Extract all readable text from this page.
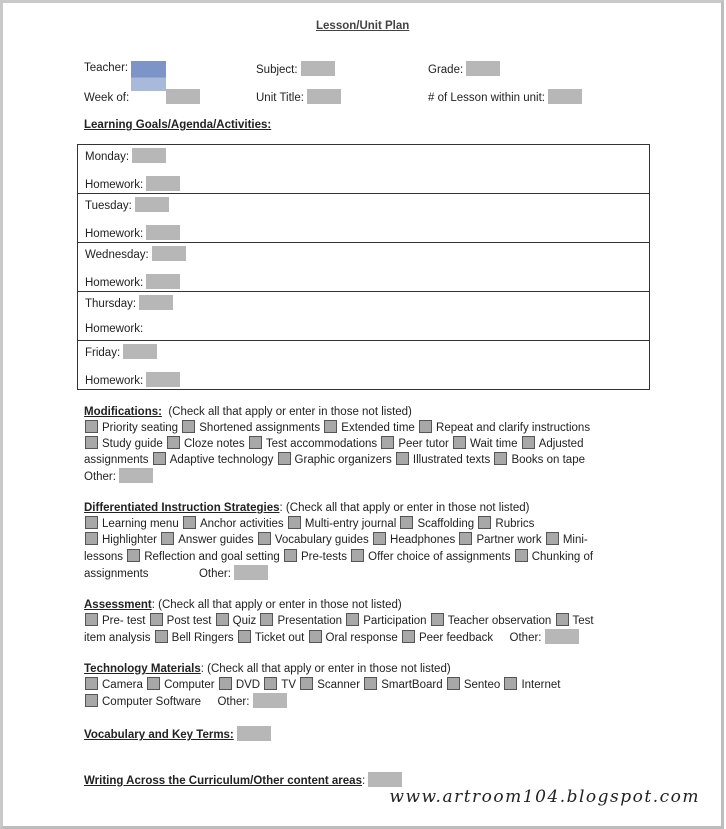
Lesson/Unit Plan
Teacher:	Subject:	Grade:
Week of:	Unit Title:	# of Lesson within unit:
Learning Goals/Agenda/Activities:
Monday:
Homework:
Tuesday:
Homework:
Wednesday:
Homework:
Thursday:
Homework:
Friday:
Homework:
Modifications: (Check all that apply or enter in those not listed)
Priority seating Shortened assignments Extended time Repeat and clarify instructions
Study guide Cloze notes Test accommodations Peer tutor Wait time Adjusted
assignments Adaptive technology Graphic organizers Illustrated texts Books on tape
Other:
Differentiated Instruction Strategies: (Check all that apply or enter in those not listed)
Learning menu Anchor activities Multi-entry journal Scaffolding Rubrics
Highlighter Answer guides Vocabulary guides Headphones Partner work Mini-
lessons Reflection and goal setting Pre-tests Offer choice of assignments Chunking of
assignments	Other:
Assessment: (Check all that apply or enter in those not listed)
Pre- test Post test Quiz Presentation Participation Teacher observation Test
item analysis Bell Ringers Ticket out Oral response Peer feedback Other:
Technology Materials: (Check all that apply or enter in those not listed)
Camera Computer DVD TV Scanner SmartBoard Senteo Internet
Computer Software Other:
Vocabulary and Key Terms:
Writing Across the Curriculum/Other content areas:
www.artroom104.blogspot.com
